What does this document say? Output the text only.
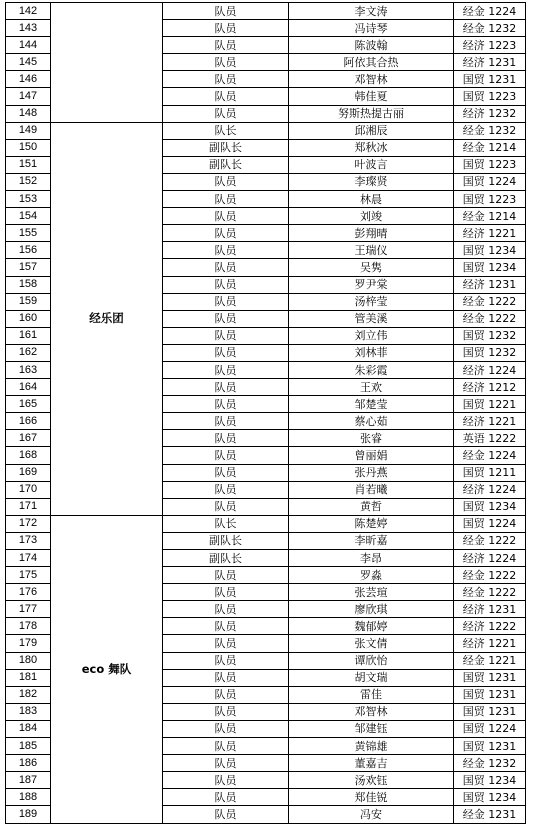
142		队员	李文涛	经金 1224	
143		队员	冯诗琴	经金 1232	
144		队员	陈波翰	经济 1223	
145		队员	阿依其合热	经济 1231	
146		队员	邓智林	国贸 1231	
147		队员	韩佳夏	国贸 1223	
148		队员	努斯热提古丽	经济 1232	
149	经乐团	队长	邱湘辰	经金 1232	
150		副队长	郑秋冰	经金 1214	
151		副队长	叶波言	国贸 1223	
152		队员	李璨贤	国贸 1224	
153		队员	林晨	国贸 1223	
154		队员	刘竣	经金 1214	
155		队员	彭翔晴	经济 1221	
156		队员	王瑞仪	国贸 1234	
157		队员	吴隽	国贸 1234	
158		队员	罗尹棠	经济 1231	
159		队员	汤梓莹	经金 1222	
160		队员	管美溪	经金 1222	
161		队员	刘立伟	国贸 1232	
162		队员	刘林菲	国贸 1232	
163		队员	朱彩霞	经济 1224	
164		队员	王欢	经济 1212	
165		队员	邹楚莹	国贸 1221	
166		队员	蔡心茹	经济 1221	
167		队员	张睿	英语 1222	
168		队员	曾丽娟	经金 1224	
169		队员	张丹燕	国贸 1211	
170		队员	肖若曦	经济 1224	
171		队员	黄哲	国贸 1234	
172	eco 舞队	队长	陈楚婷	国贸 1224	
173		副队长	李昕嘉	经金 1222	
174		副队长	李昂	经济 1224	
175		队员	罗淼	经金 1222	
176		队员	张芸瑄	经金 1222	
177		队员	廖欣琪	经济 1231	
178		队员	魏郁婷	经济 1222	
179		队员	张文倩	经济 1221	
180		队员	谭欣怡	经金 1221	
181		队员	胡文瑞	国贸 1231	
182		队员	雷佳	国贸 1231	
183		队员	邓智林	国贸 1231	
184		队员	邹建钰	国贸 1224	
185		队员	黄锦雄	国贸 1231	
186		队员	董嘉吉	经金 1232	
187		队员	汤欢钰	国贸 1234	
188		队员	郑佳锐	国贸 1234	
189		队员	冯安	经金 1231	
